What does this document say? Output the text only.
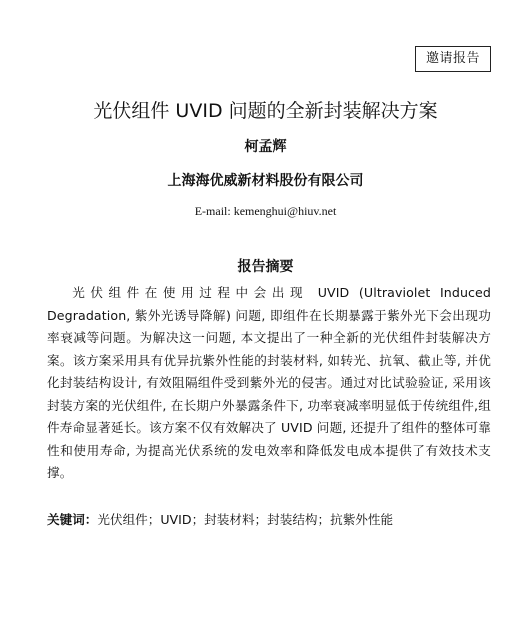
邀请报告
光伏组件 UVID 问题的全新封装解决方案
柯孟辉
上海海优威新材料股份有限公司
E-mail: kemenghui@hiuv.net
报告摘要

光伏组件在使用过程中会出现 UVID (Ultraviolet Induced Degradation, 紫外光诱导降解) 问题, 即组件在长期暴露于紫外光下会出现功率衰减等问题。为解决这一问题, 本文提出了一种全新的光伏组件封装解决方案。该方案采用具有优异抗紫外性能的封装材料, 如转光、抗氧、截止等, 并优化封装结构设计, 有效阻隔组件受到紫外光的侵害。通过对比试验验证, 采用该封装方案的光伏组件, 在长期户外暴露条件下, 功率衰减率明显低于传统组件,组件寿命显著延长。该方案不仅有效解决了 UVID 问题, 还提升了组件的整体可靠性和使用寿命, 为提高光伏系统的发电效率和降低发电成本提供了有效技术支撑。

关键词：光伏组件；UVID；封装材料；封装结构；抗紫外性能
